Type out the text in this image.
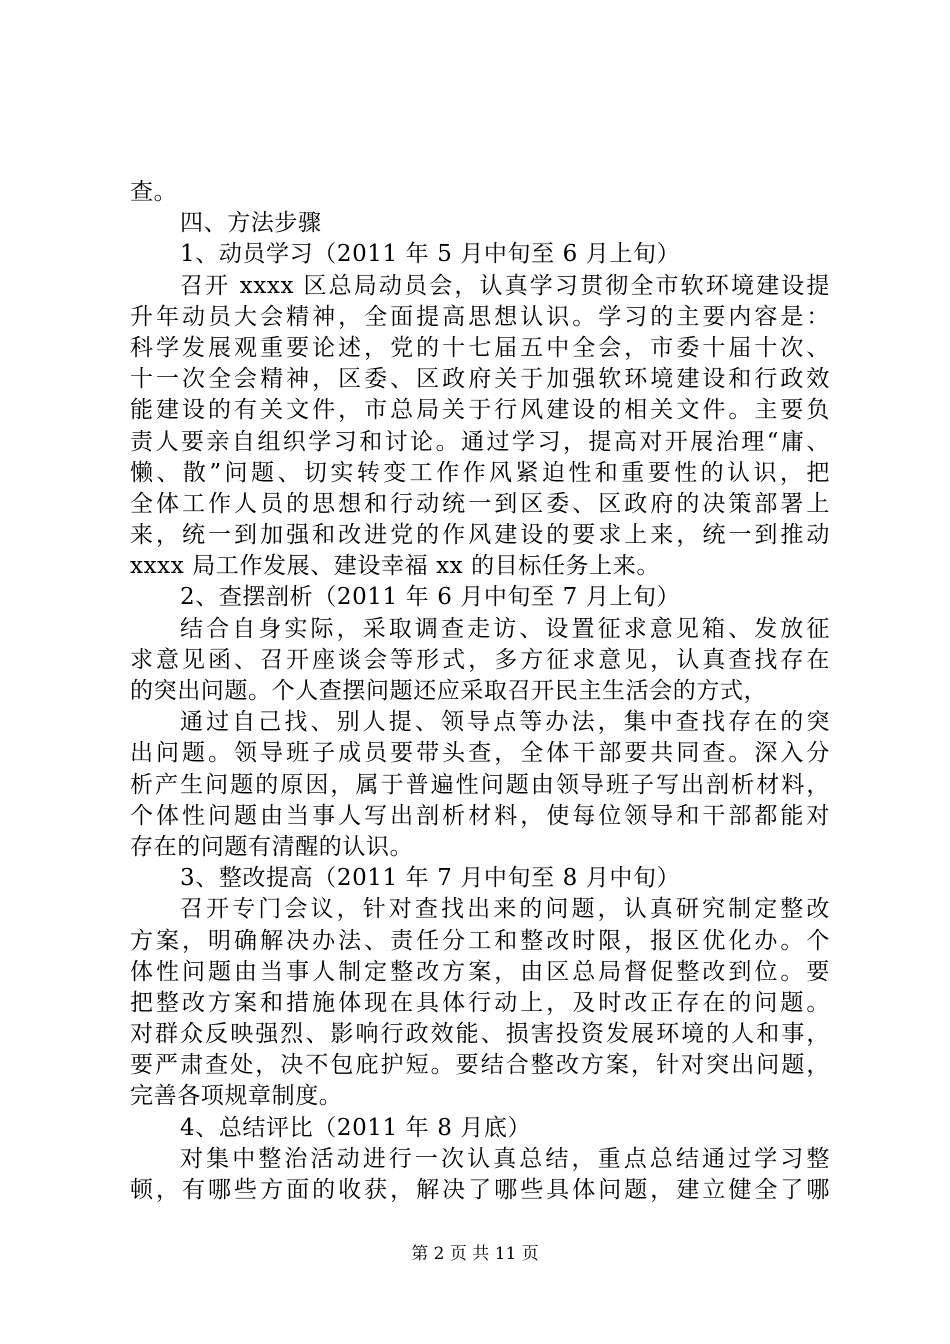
查。
四、方法步骤
1、动员学习（2011 年 5 月中旬至 6 月上旬）
召开 xxxx 区总局动员会，认真学习贯彻全市软环境建设提
升年动员大会精神，全面提高思想认识。学习的主要内容是：
科学发展观重要论述，党的十七届五中全会，市委十届十次、
十一次全会精神，区委、区政府关于加强软环境建设和行政效
能建设的有关文件，市总局关于行风建设的相关文件。主要负
责人要亲自组织学习和讨论。通过学习，提高对开展治理“庸、
懒、散”问题、切实转变工作作风紧迫性和重要性的认识，把
全体工作人员的思想和行动统一到区委、区政府的决策部署上
来，统一到加强和改进党的作风建设的要求上来，统一到推动
xxxx 局工作发展、建设幸福 xx 的目标任务上来。
2、查摆剖析（2011 年 6 月中旬至 7 月上旬）
结合自身实际，采取调查走访、设置征求意见箱、发放征
求意见函、召开座谈会等形式，多方征求意见，认真查找存在
的突出问题。个人查摆问题还应采取召开民主生活会的方式，
通过自己找、别人提、领导点等办法，集中查找存在的突
出问题。领导班子成员要带头查，全体干部要共同查。深入分
析产生问题的原因，属于普遍性问题由领导班子写出剖析材料，
个体性问题由当事人写出剖析材料，使每位领导和干部都能对
存在的问题有清醒的认识。
3、整改提高（2011 年 7 月中旬至 8 月中旬）
召开专门会议，针对查找出来的问题，认真研究制定整改
方案，明确解决办法、责任分工和整改时限，报区优化办。个
体性问题由当事人制定整改方案，由区总局督促整改到位。要
把整改方案和措施体现在具体行动上，及时改正存在的问题。
对群众反映强烈、影响行政效能、损害投资发展环境的人和事，
要严肃查处，决不包庇护短。要结合整改方案，针对突出问题，
完善各项规章制度。
4、总结评比（2011 年 8 月底）
对集中整治活动进行一次认真总结，重点总结通过学习整
顿，有哪些方面的收获，解决了哪些具体问题，建立健全了哪
第 2 页 共 11 页
